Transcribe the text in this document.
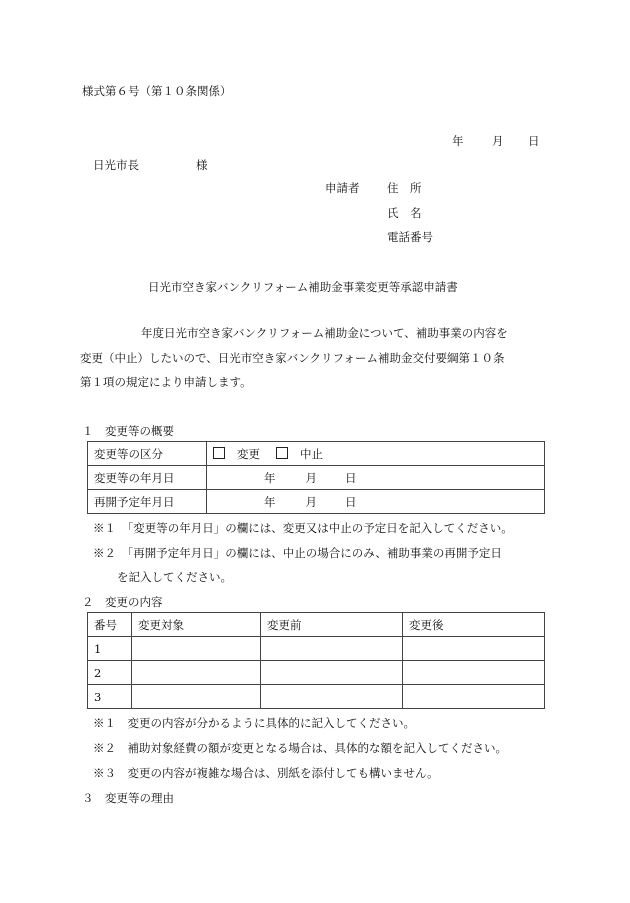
様式第６号（第１０条関係）
年 月 日
日光市長	様
申請者 住　所
氏　名
電話番号
日光市空き家バンクリフォーム補助金事業変更等承認申請書
年度日光市空き家バンクリフォーム補助金について、補助事業の内容を
変更（中止）したいので、日光市空き家バンクリフォーム補助金交付要綱第１０条
第１項の規定により申請します。
１　変更等の概要
変更等の区分	変更 中止
変更等の年月日	年 月 日
再開予定年月日	年 月 日
※１　「変更等の年月日」の欄には、変更又は中止の予定日を記入してください。
※２　「再開予定年月日」の欄には、中止の場合にのみ、補助事業の再開予定日
を記入してください。
２　変更の内容
番号	変更対象	変更前	変更後
1			
2			
3			
※１　変更の内容が分かるように具体的に記入してください。
※２　補助対象経費の額が変更となる場合は、具体的な額を記入してください。
※３　変更の内容が複雑な場合は、別紙を添付しても構いません。
３　変更等の理由
